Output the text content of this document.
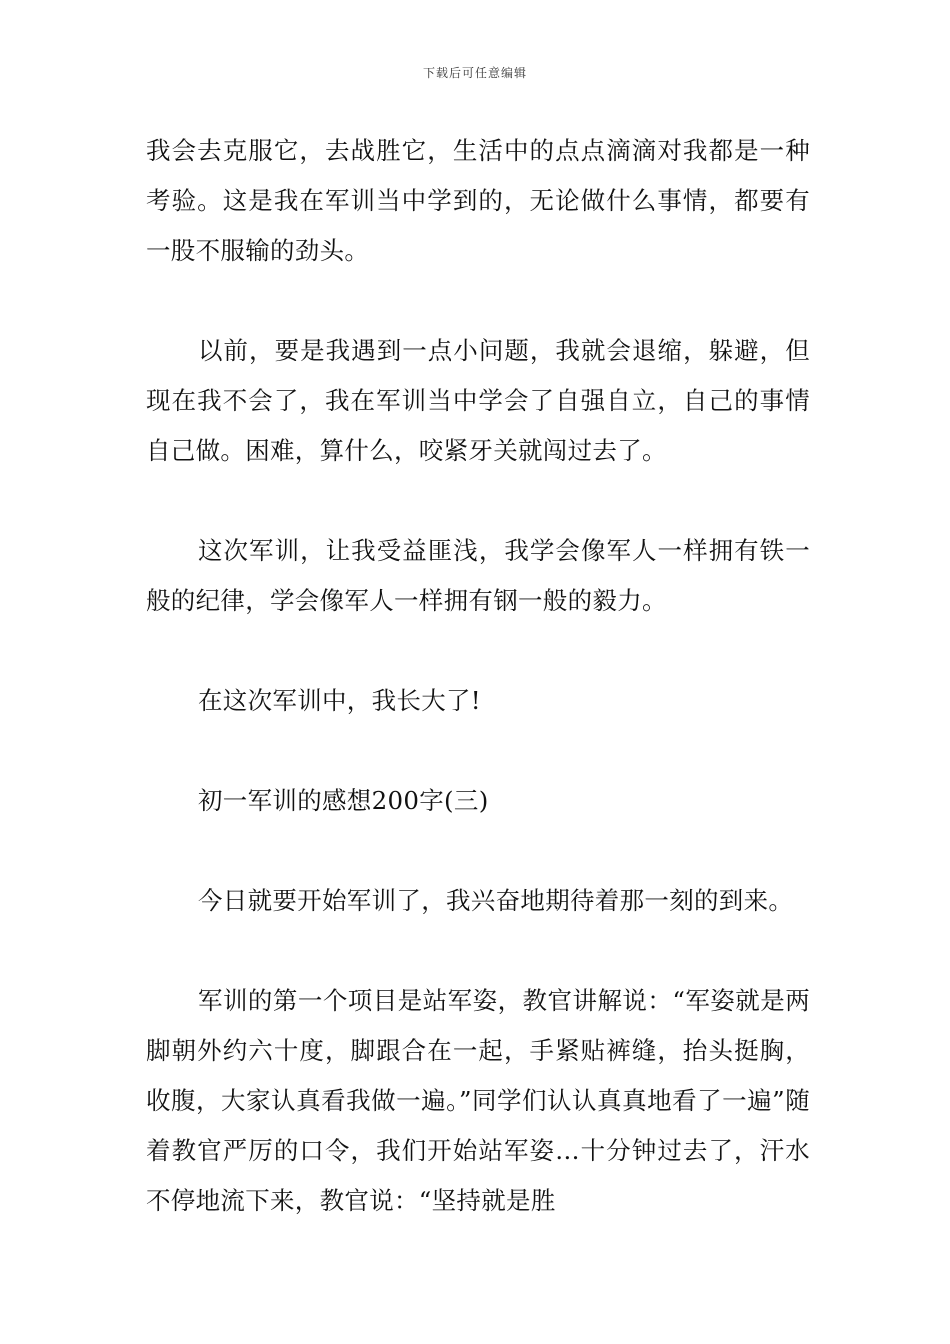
下载后可任意编辑

我会去克服它，去战胜它，生活中的点点滴滴对我都是一种考验。这是我在军训当中学到的，无论做什么事情，都要有一股不服输的劲头。

以前，要是我遇到一点小问题，我就会退缩，躲避，但现在我不会了，我在军训当中学会了自强自立，自己的事情自己做。困难，算什么，咬紧牙关就闯过去了。

这次军训，让我受益匪浅，我学会像军人一样拥有铁一般的纪律，学会像军人一样拥有钢一般的毅力。

在这次军训中，我长大了!

初一军训的感想200字(三)

今日就要开始军训了，我兴奋地期待着那一刻的到来。

军训的第一个项目是站军姿，教官讲解说：“军姿就是两脚朝外约六十度，脚跟合在一起，手紧贴裤缝，抬头挺胸，收腹，大家认真看我做一遍。”同学们认认真真地看了一遍”随着教官严厉的口令，我们开始站军姿…十分钟过去了，汗水不停地流下来，教官说：“坚持就是胜
